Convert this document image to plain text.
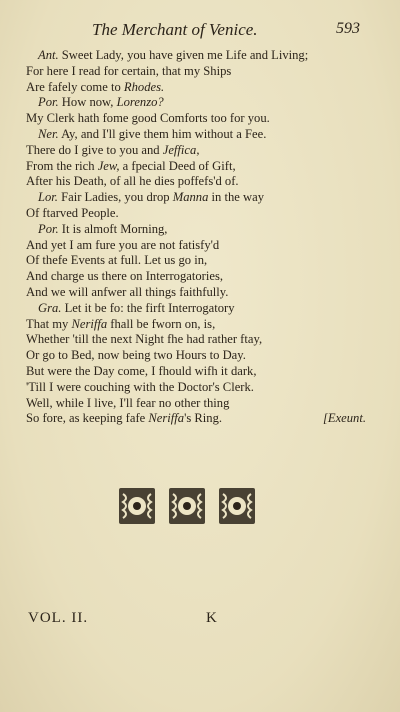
The Merchant of Venice.	593
Ant. Sweet Lady, you have given me Life and Living;
For here I read for certain, that my Ships
Are fafely come to Rhodes.
Por. How now, Lorenzo?
My Clerk hath fome good Comforts too for you.
Ner. Ay, and I'll give them him without a Fee.
There do I give to you and Jeffica,
From the rich Jew, a fpecial Deed of Gift,
After his Death, of all he dies poffefs'd of.
Lor. Fair Ladies, you drop Manna in the way
Of ftarved People.
Por. It is almoft Morning,
And yet I am fure you are not fatisfy'd
Of thefe Events at full. Let us go in,
And charge us there on Interrogatories,
And we will anfwer all things faithfully.
Gra. Let it be fo: the firft Interrogatory
That my Neriffa fhall be fworn on, is,
Whether 'till the next Night fhe had rather ftay,
Or go to Bed, now being two Hours to Day.
But were the Day come, I fhould wifh it dark,
'Till I were couching with the Doctor's Clerk.
Well, while I live, I'll fear no other thing
So fore, as keeping fafe Neriffa's Ring.	[Exeunt.
VOL. II.	K
